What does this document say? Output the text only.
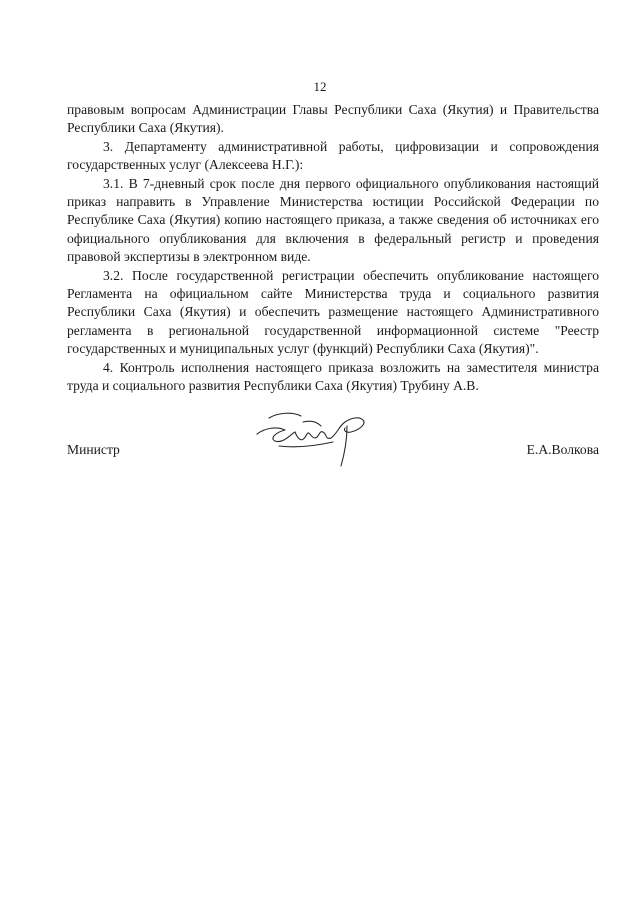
12

правовым вопросам Администрации Главы Республики Саха (Якутия) и Правительства Республики Саха (Якутия).

3. Департаменту административной работы, цифровизации и сопровождения государственных услуг (Алексеева Н.Г.):

3.1. В 7-дневный срок после дня первого официального опубликования настоящий приказ направить в Управление Министерства юстиции Российской Федерации по Республике Саха (Якутия) копию настоящего приказа, а также сведения об источниках его официального опубликования для включения в федеральный регистр и проведения правовой экспертизы в электронном виде.

3.2. После государственной регистрации обеспечить опубликование настоящего Регламента на официальном сайте Министерства труда и социального развития Республики Саха (Якутия) и обеспечить размещение настоящего Административного регламента в региональной государственной информационной системе "Реестр государственных и муниципальных услуг (функций) Республики Саха (Якутия)".

4. Контроль исполнения настоящего приказа возложить на заместителя министра труда и социального развития Республики Саха (Якутия) Трубину А.В.

Министр	Е.А.Волкова
